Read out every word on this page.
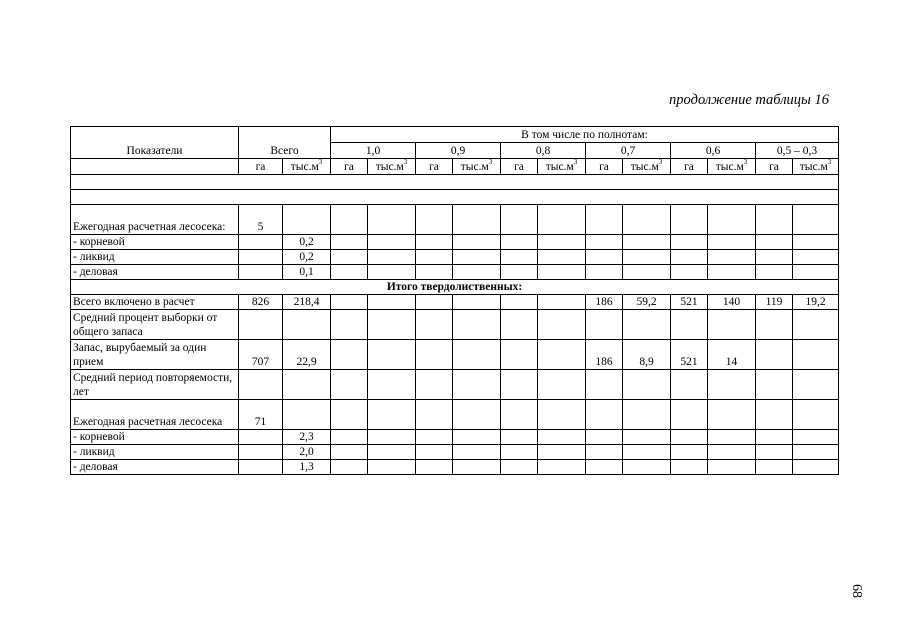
продолжение таблицы 16
Показатели	Всего		В том числе по полнотам:											
			1,0		0,9		0,8		0,7		0,6		0,5 – 0,3	
	га	$тыс.м^3$	га	$тыс.м^3$	га	$тыс.м^3$	га	$тыс.м^3$	га	$тыс.м^3$	га	$тыс.м^3$	га	$тыс.м^3$

Ежегодная расчетная лесосека:	5													
- корневой		0,2												
- ликвид		0,2												
- деловая		0,1												
Итого твердолиственных:														
Всего включено в расчет	826	218,4							186	59,2	521	140	119	19,2
Средний процент выборки от общего запаса														
Запас, вырубаемый за один прием	707	22,9							186	8,9	521	14		
Средний период повторяемости, лет														
Ежегодная расчетная лесосека	71													
- корневой		2,3												
- ликвид		2,0												
- деловая		1,3												
68
